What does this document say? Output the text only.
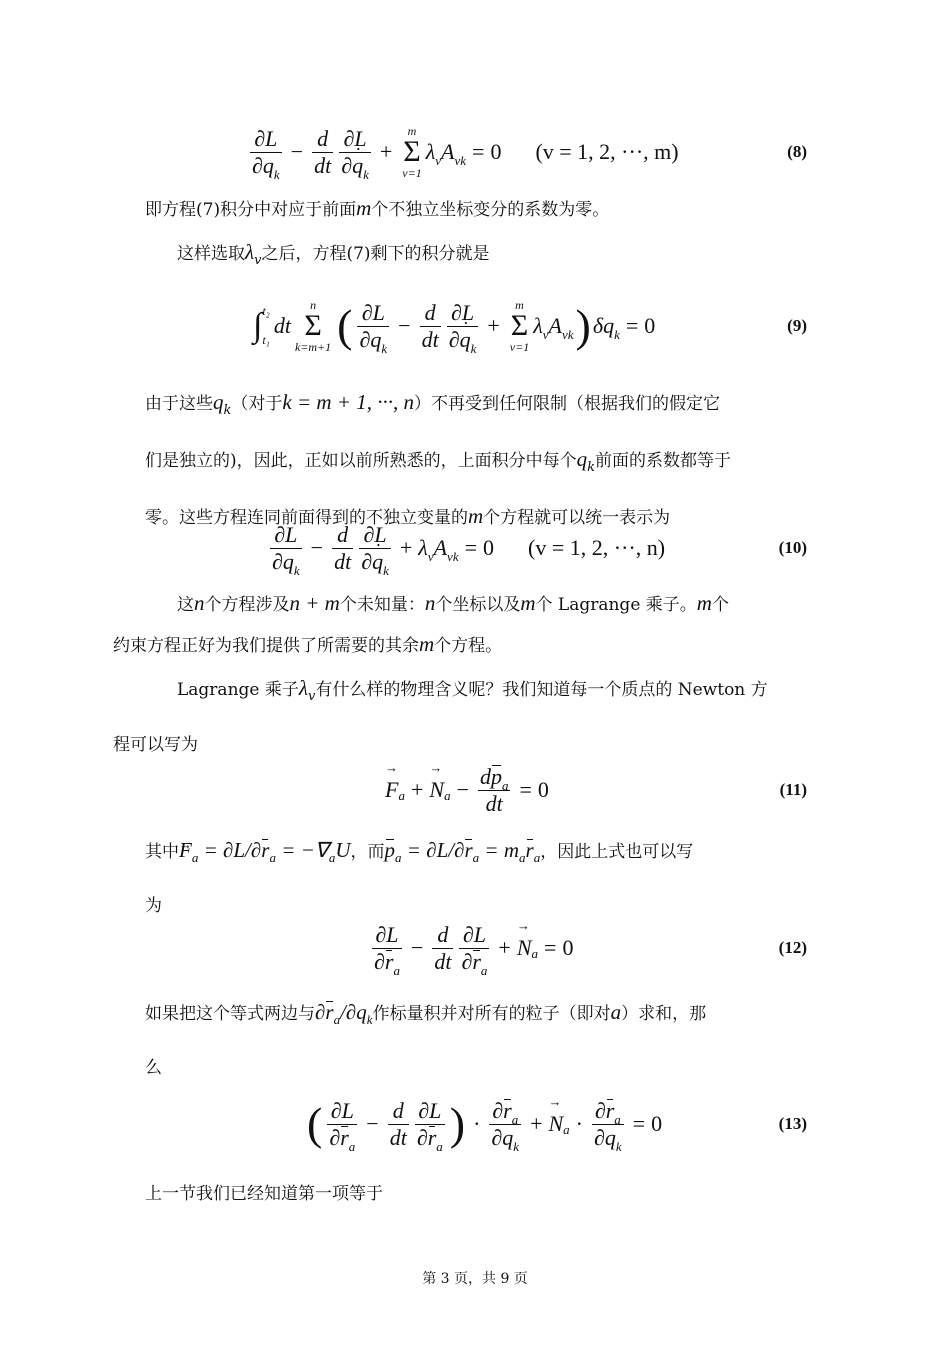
$\frac{\partial L}{\partial q_k} - \frac{d}{dt} \frac{\partial L}{\partial\cdot q_k}$ +
m
Σ
v=1
$\lambda_vA_{vk} = 0$ (v = 1, 2, ···, m)	(8)

即方程(7)积分中对应于前面m个不独立坐标变分的系数为零。

这样选取$\lambda_v$之后，方程(7)剩下的积分就是

∫ t₂
t₁
dt
n
Σ
k=m+1 ( $\frac{\partial L}{\partial q_k} - \frac{d}{dt} \frac{\partial L}{\partial\cdot q_k}$ +
m
Σ
v=1
$\lambda_vA_{vk}$ ) $\delta q_k = 0$	(9)

由于这些$q_k$（对于k = m + 1, ···, n）不再受到任何限制（根据我们的假定它
们是独立的)，因此，正如以前所熟悉的，上面积分中每个$q_k$前面的系数都等于
零。这些方程连同前面得到的不独立变量的m个方程就可以统一表示为

$\frac{\partial L}{\partial q_k} - \frac{d}{dt} \frac{\partial L}{\partial\cdot q_k} + \lambda_vA_{vk} = 0$ (v = 1, 2, ···, n)	(10)

这n个方程涉及n + m个未知量：n个坐标以及m个 Lagrange 乘子。m个
约束方程正好为我们提供了所需要的其余m个方程。

Lagrange 乘子$\lambda_v$有什么样的物理含义呢？我们知道每一个质点的 Newton 方
程可以写为

→ F a + → N $a - \frac{dp_a}{dt} = 0$	(11)

其中→ $F_a = \partial L/\partial r_a = -\nabla_aU$，而$p_a = \partial L/\partial r_a = m_ar_a$，因此上式也可以写
为

$\frac{\partial L}{\partial r_a} - \frac{d}{dt} \frac{\partial L}{\partial r_a}$ + → N a = 0	(12)

如果把这个等式两边与$\partial r_a/\partial q_k$作标量积并对所有的粒子（即对a）求和，那
么

( $\frac{\partial L}{\partial r_a} - \frac{d}{dt} \frac{\partial L}{\partial r_a}$ ) · $\frac{\partial r_a}{\partial q_k}$ + → N $a \cdot \frac{\partial r_a}{\partial q_k} = 0$	(13)

上一节我们已经知道第一项等于

第 3 页，共 9 页
